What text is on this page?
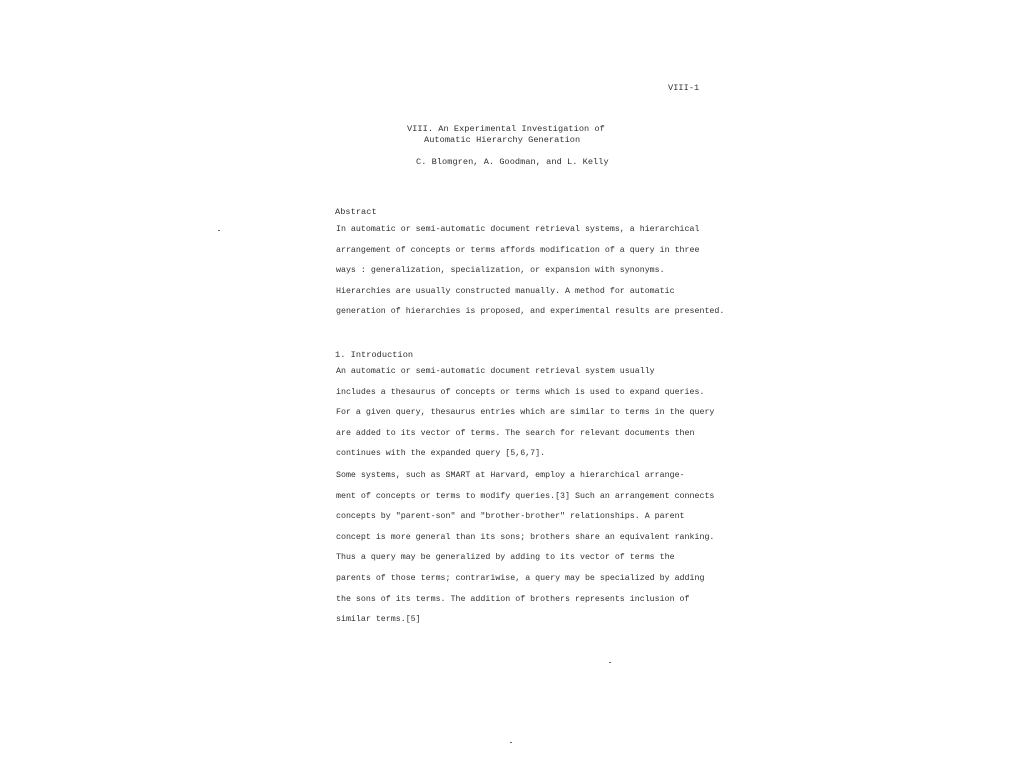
VIII-1
VIII. An Experimental Investigation of
Automatic Hierarchy Generation
C. Blomgren, A. Goodman, and L. Kelly
Abstract
In automatic or semi-automatic document retrieval systems, a hierarchical
arrangement of concepts or terms affords modification of a query in three
ways : generalization, specialization, or expansion with synonyms.
Hierarchies are usually constructed manually. A method for automatic
generation of hierarchies is proposed, and experimental results are presented.
1. Introduction
An automatic or semi-automatic document retrieval system usually
includes a thesaurus of concepts or terms which is used to expand queries.
For a given query, thesaurus entries which are similar to terms in the query
are added to its vector of terms. The search for relevant documents then
continues with the expanded query [5,6,7].
Some systems, such as SMART at Harvard, employ a hierarchical arrange-
ment of concepts or terms to modify queries.[3] Such an arrangement connects
concepts by "parent-son" and "brother-brother" relationships. A parent
concept is more general than its sons; brothers share an equivalent ranking.
Thus a query may be generalized by adding to its vector of terms the
parents of those terms; contrariwise, a query may be specialized by adding
the sons of its terms. The addition of brothers represents inclusion of
similar terms.[5]
